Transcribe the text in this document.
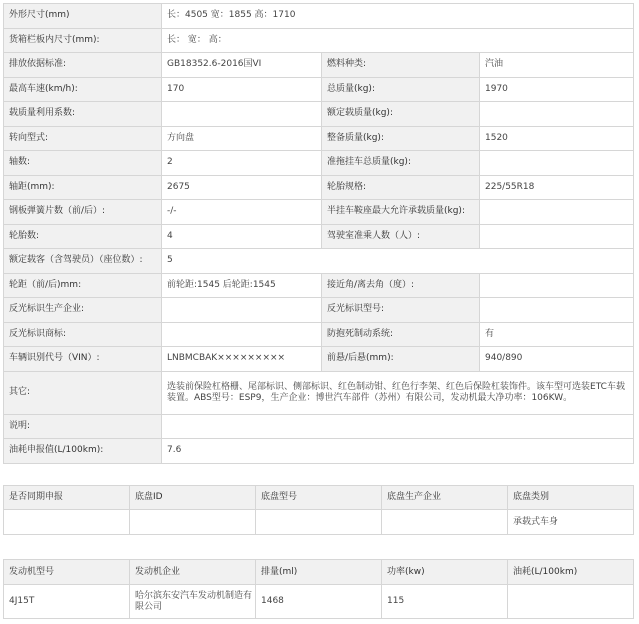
外形尺寸(mm)	长：4505 宽：1855 高：1710		
货箱栏板内尺寸(mm):	长： 宽： 高：		
排放依据标准:	GB18352.6-2016国VI	燃料种类:	汽油
最高车速(km/h):	170	总质量(kg):	1970
载质量利用系数:		额定载质量(kg):	
转向型式:	方向盘	整备质量(kg):	1520
轴数:	2	准拖挂车总质量(kg):	
轴距(mm):	2675	轮胎规格:	225/55R18
钢板弹簧片数（前/后）:	-/-	半挂车鞍座最大允许承载质量(kg):	
轮胎数:	4	驾驶室准乘人数（人）:	
额定载客（含驾驶员）（座位数）:	5		
轮距（前/后)mm:	前轮距:1545 后轮距:1545	接近角/离去角（度）:	
反光标识生产企业:		反光标识型号:	
反光标识商标:		防抱死制动系统:	有
车辆识别代号（VIN）:	LNBMCBAK×××××××××	前悬/后悬(mm):	940/890
其它:	选装前保险杠格栅、尾部标识、侧部标识、红色制动钳、红色行李架、红色后保险杠装饰件。该车型可选装ETC车载装置。ABS型号：ESP9，生产企业：博世汽车部件（苏州）有限公司，发动机最大净功率：106KW。		
说明:			
油耗申报值(L/100km):	7.6		
是否同期申报	底盘ID	底盘型号	底盘生产企业	底盘类别
				承载式车身
发动机型号	发动机企业	排量(ml)	功率(kw)	油耗(L/100km)
4J15T	哈尔滨东安汽车发动机制造有限公司	1468	115	
